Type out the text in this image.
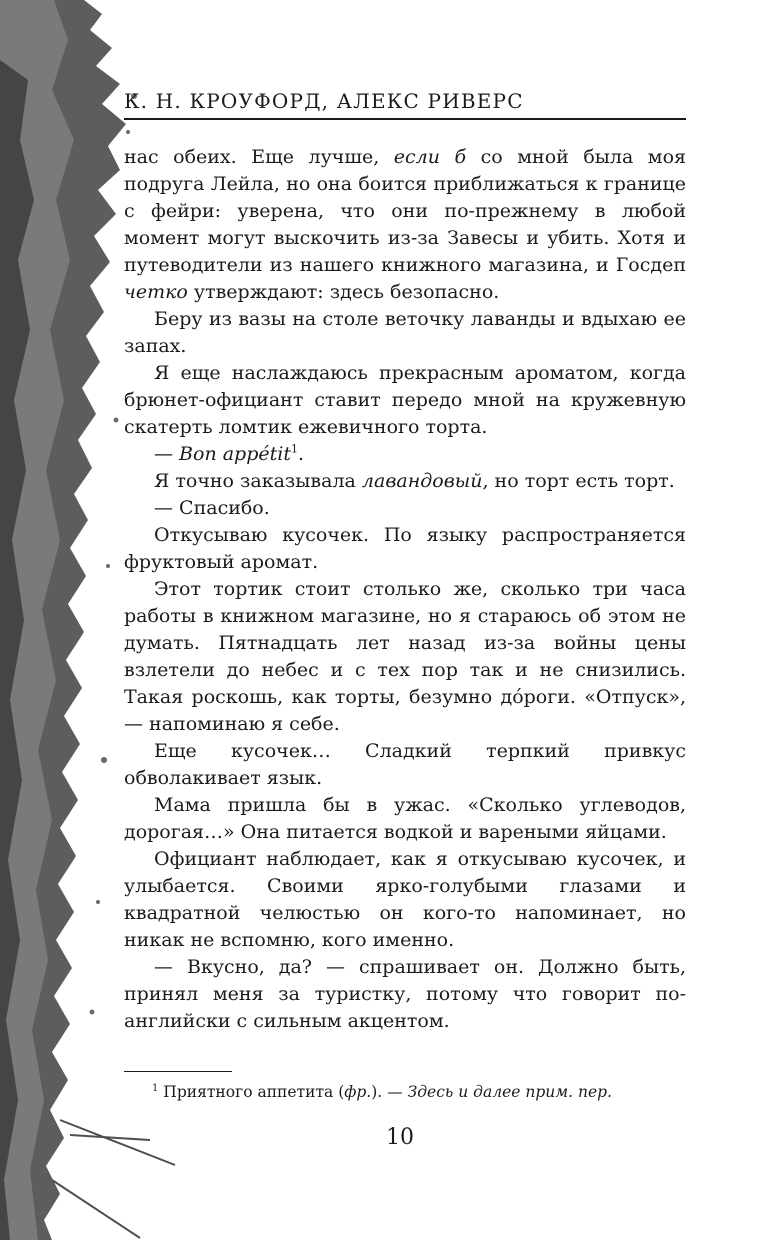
К. Н. КРОУФОРД, АЛЕКС РИВЕРС

нас обеих. Еще лучше, если б со мной была моя подруга Лейла, но она боится приближаться к границе с фейри: уверена, что они по-прежнему в любой момент могут выскочить из-за Завесы и убить. Хотя и путеводители из нашего книжного магазина, и Госдеп четко утверждают: здесь безопасно.

Беру из вазы на столе веточку лаванды и вдыхаю ее запах.

Я еще наслаждаюсь прекрасным ароматом, когда брюнет-официант ставит передо мной на кружевную скатерть ломтик ежевичного торта.

— Bon appétit$^1$.

Я точно заказывала лавандовый, но торт есть торт.

— Спасибо.

Откусываю кусочек. По языку распространяется фруктовый аромат.

Этот тортик стоит столько же, сколько три часа работы в книжном магазине, но я стараюсь об этом не думать. Пятнадцать лет назад из-за войны цены взлетели до небес и с тех пор так и не снизились. Такая роскошь, как торты, безумно до́роги. «Отпуск», — напоминаю я себе.

Еще кусочек… Сладкий терпкий привкус обволакивает язык.

Мама пришла бы в ужас. «Сколько углеводов, дорогая…» Она питается водкой и вареными яйцами.

Официант наблюдает, как я откусываю кусочек, и улыбается. Своими ярко-голубыми глазами и квадратной челюстью он кого-то напоминает, но никак не вспомню, кого именно.

— Вкусно, да? — спрашивает он. Должно быть, принял меня за туристку, потому что говорит по-английски с сильным акцентом.

$^1$ Приятного аппетита (фр.). — Здесь и далее прим. пер.
10
